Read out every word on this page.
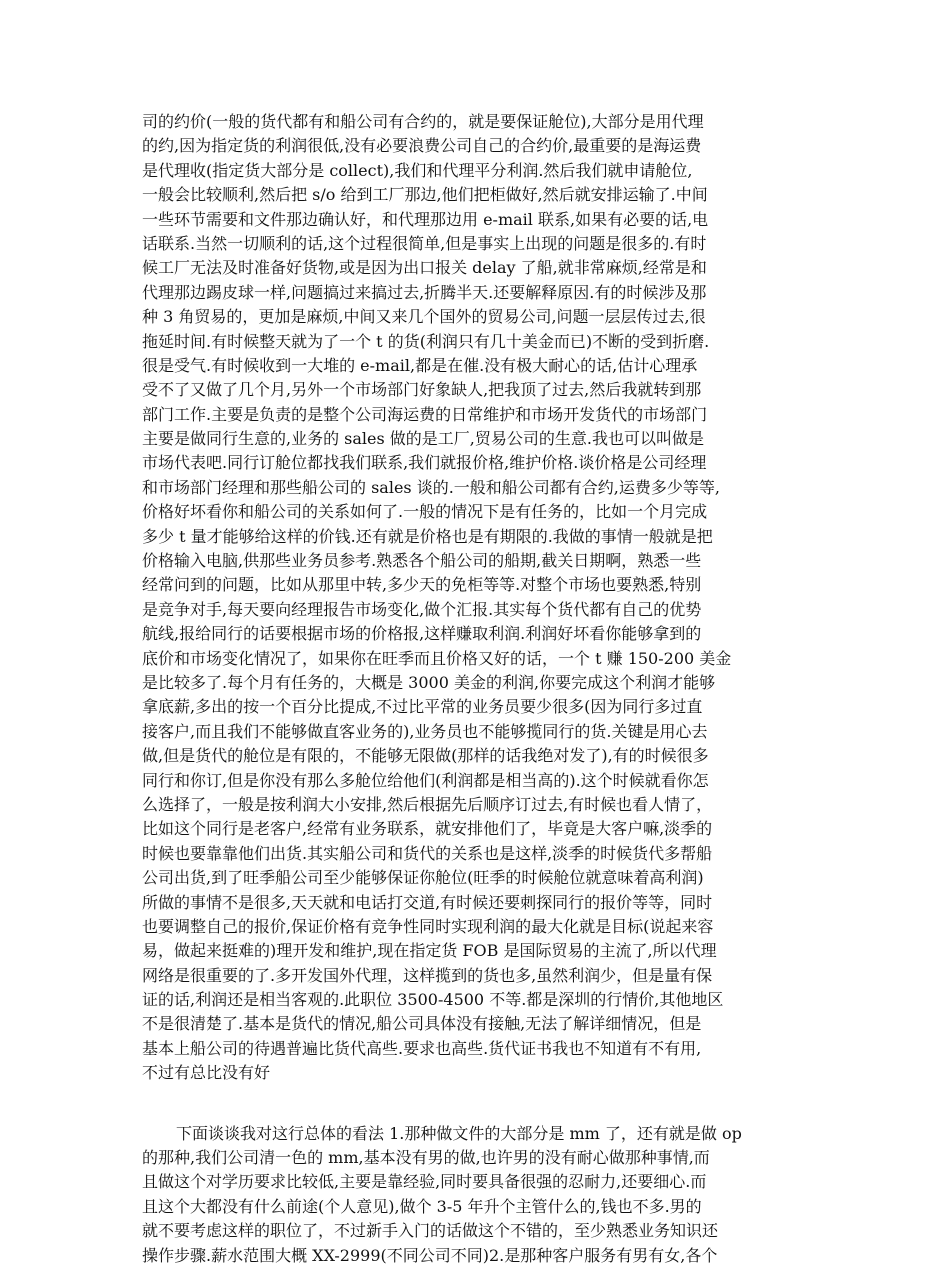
司的约价(一般的货代都有和船公司有合约的，就是要保证舱位),大部分是用代理
的约,因为指定货的利润很低,没有必要浪费公司自己的合约价,最重要的是海运费
是代理收(指定货大部分是 collect),我们和代理平分利润.然后我们就申请舱位,
一般会比较顺利,然后把 s/o 给到工厂那边,他们把柜做好,然后就安排运输了.中间
一些环节需要和文件那边确认好，和代理那边用 e-mail 联系,如果有必要的话,电
话联系.当然一切顺利的话,这个过程很简单,但是事实上出现的问题是很多的.有时
候工厂无法及时准备好货物,或是因为出口报关 delay 了船,就非常麻烦,经常是和
代理那边踢皮球一样,问题搞过来搞过去,折腾半天.还要解释原因.有的时候涉及那
种 3 角贸易的，更加是麻烦,中间又来几个国外的贸易公司,问题一层层传过去,很
拖延时间.有时候整天就为了一个 t 的货(利润只有几十美金而已)不断的受到折磨.
很是受气.有时候收到一大堆的 e-mail,都是在催.没有极大耐心的话,估计心理承
受不了又做了几个月,另外一个市场部门好象缺人,把我顶了过去,然后我就转到那
部门工作.主要是负责的是整个公司海运费的日常维护和市场开发货代的市场部门
主要是做同行生意的,业务的 sales 做的是工厂,贸易公司的生意.我也可以叫做是
市场代表吧.同行订舱位都找我们联系,我们就报价格,维护价格.谈价格是公司经理
和市场部门经理和那些船公司的 sales 谈的.一般和船公司都有合约,运费多少等等,
价格好坏看你和船公司的关系如何了.一般的情况下是有任务的，比如一个月完成
多少 t 量才能够给这样的价钱.还有就是价格也是有期限的.我做的事情一般就是把
价格输入电脑,供那些业务员参考.熟悉各个船公司的船期,截关日期啊，熟悉一些
经常问到的问题，比如从那里中转,多少天的免柜等等.对整个市场也要熟悉,特别
是竞争对手,每天要向经理报告市场变化,做个汇报.其实每个货代都有自己的优势
航线,报给同行的话要根据市场的价格报,这样赚取利润.利润好坏看你能够拿到的
底价和市场变化情况了，如果你在旺季而且价格又好的话，一个 t 赚 150-200 美金
是比较多了.每个月有任务的，大概是 3000 美金的利润,你要完成这个利润才能够
拿底薪,多出的按一个百分比提成,不过比平常的业务员要少很多(因为同行多过直
接客户,而且我们不能够做直客业务的),业务员也不能够揽同行的货.关键是用心去
做,但是货代的舱位是有限的，不能够无限做(那样的话我绝对发了),有的时候很多
同行和你订,但是你没有那么多舱位给他们(利润都是相当高的).这个时候就看你怎
么选择了，一般是按利润大小安排,然后根据先后顺序订过去,有时候也看人情了，
比如这个同行是老客户,经常有业务联系，就安排他们了，毕竟是大客户嘛,淡季的
时候也要靠靠他们出货.其实船公司和货代的关系也是这样,淡季的时候货代多帮船
公司出货,到了旺季船公司至少能够保证你舱位(旺季的时候舱位就意味着高利润)
所做的事情不是很多,天天就和电话打交道,有时候还要刺探同行的报价等等，同时
也要调整自己的报价,保证价格有竞争性同时实现利润的最大化就是目标(说起来容
易，做起来挺难的)理开发和维护,现在指定货 FOB 是国际贸易的主流了,所以代理
网络是很重要的了.多开发国外代理，这样揽到的货也多,虽然利润少，但是量有保
证的话,利润还是相当客观的.此职位 3500-4500 不等.都是深圳的行情价,其他地区
不是很清楚了.基本是货代的情况,船公司具体没有接触,无法了解详细情况，但是
基本上船公司的待遇普遍比货代高些.要求也高些.货代证书我也不知道有不有用,
不过有总比没有好
下面谈谈我对这行总体的看法 1.那种做文件的大部分是 mm 了，还有就是做 op
的那种,我们公司清一色的 mm,基本没有男的做,也许男的没有耐心做那种事情,而
且做这个对学历要求比较低,主要是靠经验,同时要具备很强的忍耐力,还要细心.而
且这个大都没有什么前途(个人意见),做个 3-5 年升个主管什么的,钱也不多.男的
就不要考虑这样的职位了，不过新手入门的话做这个不错的，至少熟悉业务知识还
操作步骤.薪水范围大概 XX-2999(不同公司不同)2.是那种客户服务有男有女,各个
